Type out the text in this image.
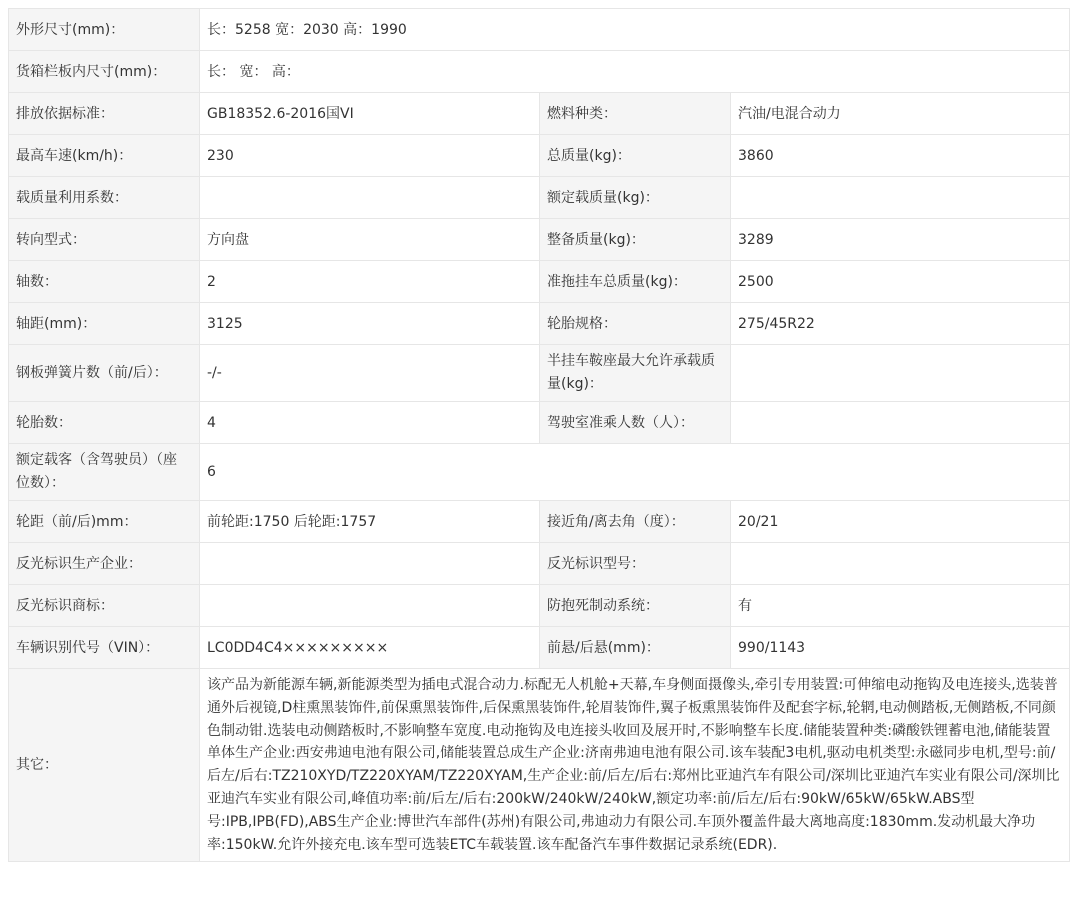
外形尺寸(mm)：	长：5258 宽：2030 高：1990		
货箱栏板内尺寸(mm)：	长： 宽： 高：		
排放依据标准：	GB18352.6-2016国VI	燃料种类：	汽油/电混合动力
最高车速(km/h)：	230	总质量(kg)：	3860
载质量利用系数：		额定载质量(kg)：	
转向型式：	方向盘	整备质量(kg)：	3289
轴数：	2	准拖挂车总质量(kg)：	2500
轴距(mm)：	3125	轮胎规格：	275/45R22
钢板弹簧片数（前/后）：	-/-	半挂车鞍座最大允许承载质量(kg)：	
轮胎数：	4	驾驶室准乘人数（人）：	
额定载客（含驾驶员）（座位数）：	6		
轮距（前/后)mm：	前轮距:1750 后轮距:1757	接近角/离去角（度）：	20/21
反光标识生产企业：		反光标识型号：	
反光标识商标：		防抱死制动系统：	有
车辆识别代号（VIN）：	LC0DD4C4×××××××××	前悬/后悬(mm)：	990/1143
其它：	该产品为新能源车辆,新能源类型为插电式混合动力.标配无人机舱+天幕,车身侧面摄像头,牵引专用装置:可伸缩电动拖钩及电连接头,选装普通外后视镜,D柱熏黑装饰件,前保熏黑装饰件,后保熏黑装饰件,轮眉装饰件,翼子板熏黑装饰件及配套字标,轮辋,电动侧踏板,无侧踏板,不同颜色制动钳.选装电动侧踏板时,不影响整车宽度.电动拖钩及电连接头收回及展开时,不影响整车长度.储能装置种类:磷酸铁锂蓄电池,储能装置单体生产企业:西安弗迪电池有限公司,储能装置总成生产企业:济南弗迪电池有限公司.该车装配3电机,驱动电机类型:永磁同步电机,型号:前/后左/后右:TZ210XYD/TZ220XYAM/TZ220XYAM,生产企业:前/后左/后右:郑州比亚迪汽车有限公司/深圳比亚迪汽车实业有限公司/深圳比亚迪汽车实业有限公司,峰值功率:前/后左/后右:200kW/240kW/240kW,额定功率:前/后左/后右:90kW/65kW/65kW.ABS型号:IPB,IPB(FD),ABS生产企业:博世汽车部件(苏州)有限公司,弗迪动力有限公司.车顶外覆盖件最大离地高度:1830mm.发动机最大净功率:150kW.允许外接充电.该车型可选装ETC车载装置.该车配备汽车事件数据记录系统(EDR).		
